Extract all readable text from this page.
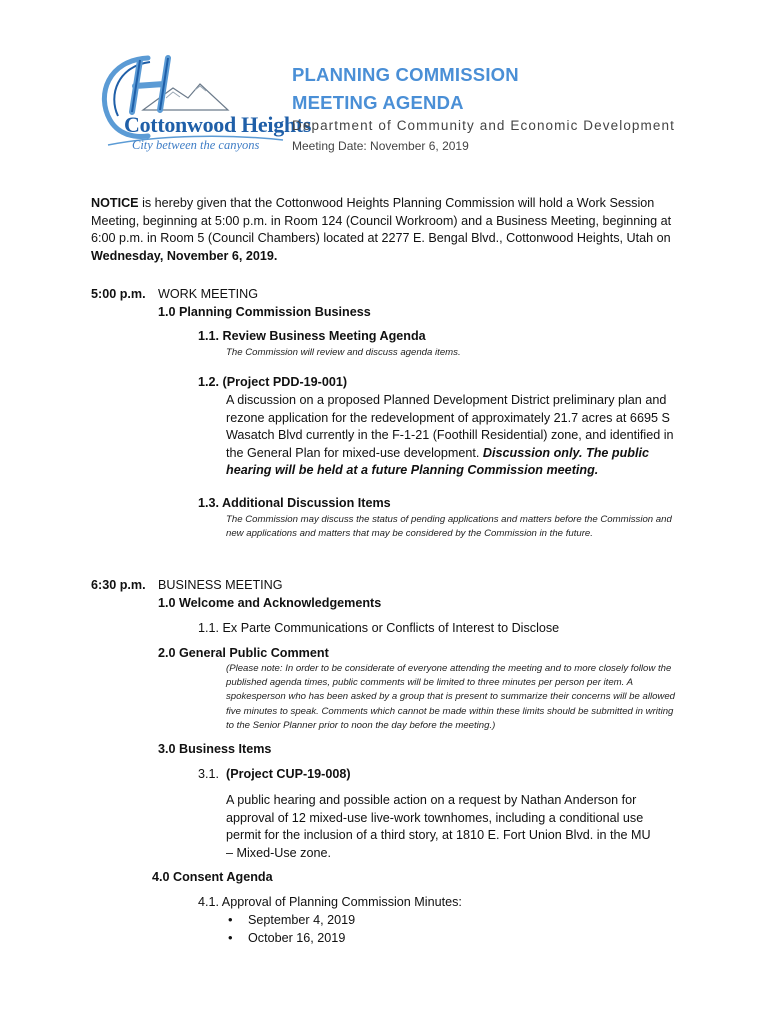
Cottonwood Heights
City between the canyons
PLANNING COMMISSION
MEETING AGENDA
Department of Community and Economic Development
Meeting Date: November 6, 2019
NOTICE is hereby given that the Cottonwood Heights Planning Commission will hold a Work Session Meeting, beginning at 5:00 p.m. in Room 124 (Council Workroom) and a Business Meeting, beginning at 6:00 p.m. in Room 5 (Council Chambers) located at 2277 E. Bengal Blvd., Cottonwood Heights, Utah on Wednesday, November 6, 2019.
5:00 p.m. WORK MEETING
1.0 Planning Commission Business
1.1. Review Business Meeting Agenda
The Commission will review and discuss agenda items.
1.2. (Project PDD-19-001)
A discussion on a proposed Planned Development District preliminary plan and rezone application for the redevelopment of approximately 21.7 acres at 6695 S Wasatch Blvd currently in the F-1-21 (Foothill Residential) zone, and identified in the General Plan for mixed-use development. Discussion only. The public hearing will be held at a future Planning Commission meeting.
1.3. Additional Discussion Items
The Commission may discuss the status of pending applications and matters before the Commission and new applications and matters that may be considered by the Commission in the future.
6:30 p.m. BUSINESS MEETING
1.0 Welcome and Acknowledgements
1.1. Ex Parte Communications or Conflicts of Interest to Disclose
2.0 General Public Comment
(Please note: In order to be considerate of everyone attending the meeting and to more closely follow the published agenda times, public comments will be limited to three minutes per person per item. A spokesperson who has been asked by a group that is present to summarize their concerns will be allowed five minutes to speak. Comments which cannot be made within these limits should be submitted in writing to the Senior Planner prior to noon the day before the meeting.)
3.0 Business Items
3.1. (Project CUP-19-008)
A public hearing and possible action on a request by Nathan Anderson for approval of 12 mixed-use live-work townhomes, including a conditional use permit for the inclusion of a third story, at 1810 E. Fort Union Blvd. in the MU – Mixed-Use zone.
4.0 Consent Agenda
4.1. Approval of Planning Commission Minutes:
• September 4, 2019
• October 16, 2019
